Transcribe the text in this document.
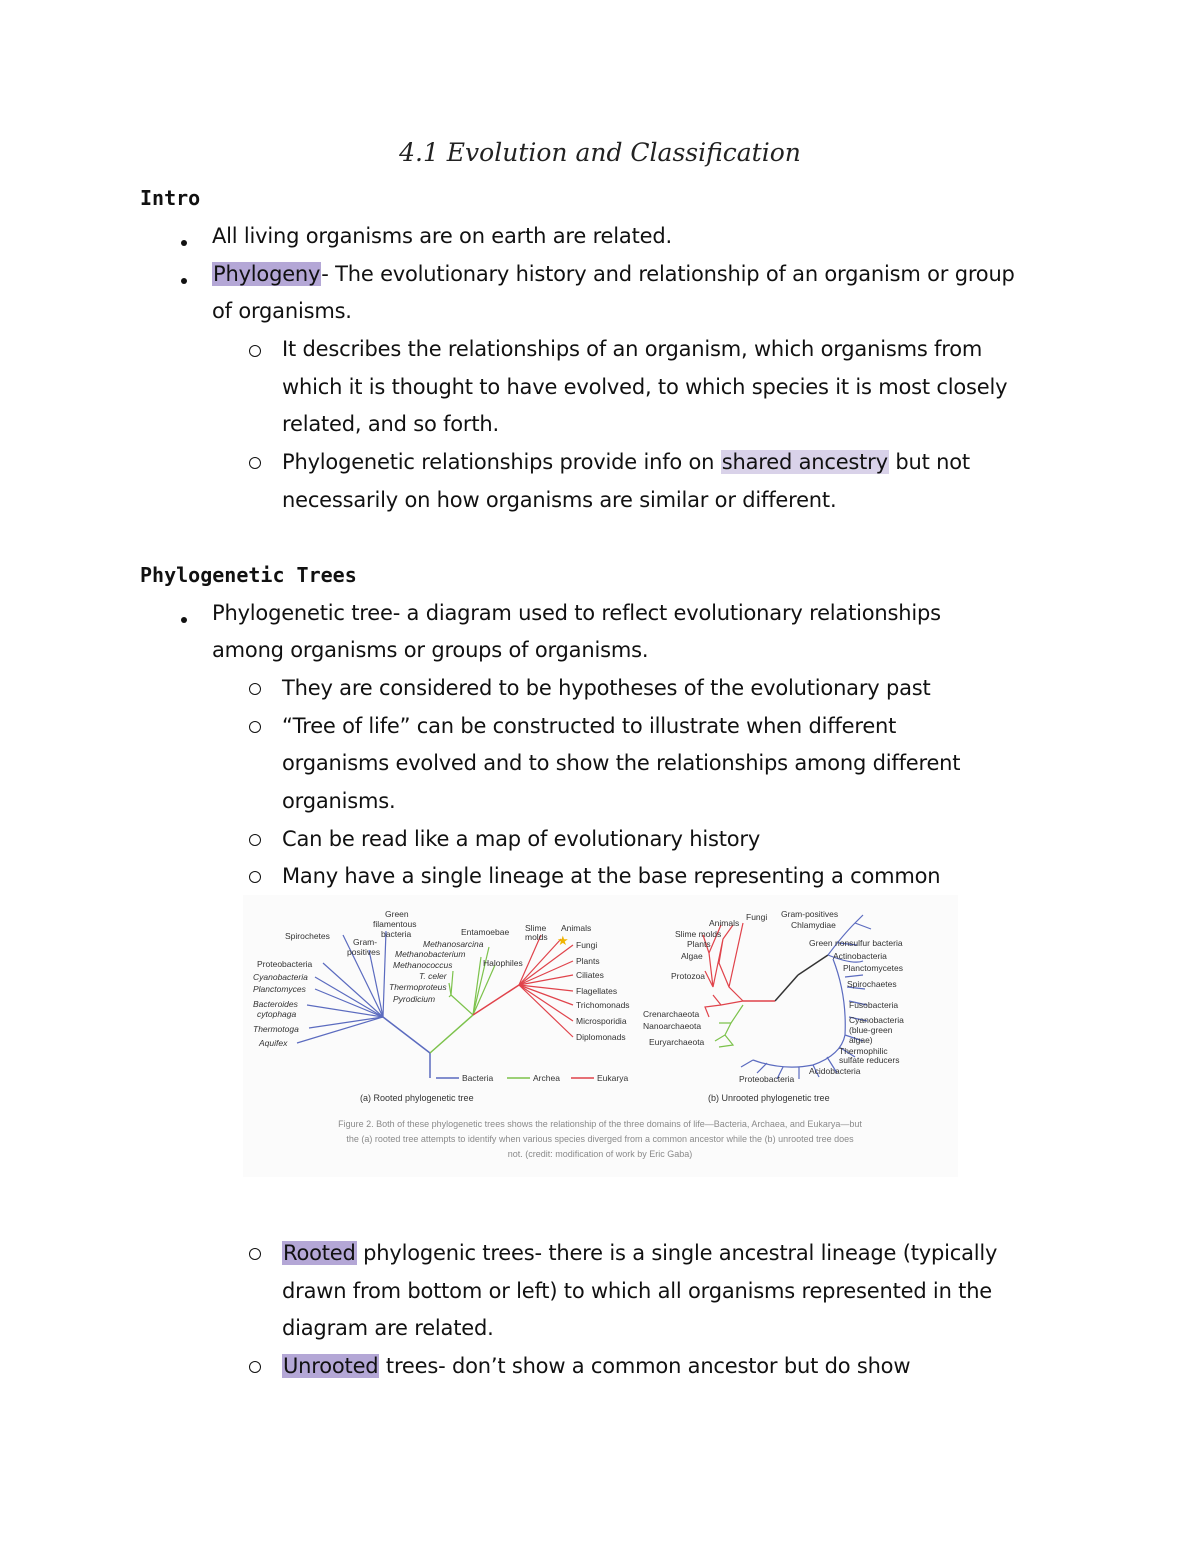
4.1 Evolution and Classification
Intro
All living organisms are on earth are related.
Phylogeny- The evolutionary history and relationship of an organism or group
of organisms.
It describes the relationships of an organism, which organisms from
which it is thought to have evolved, to which species it is most closely
related, and so forth.
Phylogenetic relationships provide info on shared ancestry but not
necessarily on how organisms are similar or different.
Phylogenetic Trees
Phylogenetic tree- a diagram used to reflect evolutionary relationships
among organisms or groups of organisms.
They are considered to be hypotheses of the evolutionary past
“Tree of life” can be constructed to illustrate when different
organisms evolved and to show the relationships among different
organisms.
Can be read like a map of evolutionary history
Many have a single lineage at the base representing a common
★
Spirochetes
Green
filamentous
bacteria
Gram-
positives
Proteobacteria
Cyanobacteria
Planctomyces
Bacteroides
cytophaga
Thermotoga
Aquifex
Entamoebae
Methanosarcina
Methanobacterium
Methanococcus
T. celer
Thermoproteus
Pyrodicium
Halophiles
Slime
molds
Animals
Fungi
Plants
Ciliates
Flagellates
Trichomonads
Microsporidia
Diplomonads
Bacteria	Archea	Eukarya
(a) Rooted phylogenetic tree
Animals
Fungi
Slime molds
Plants
Algae
Protozoa
Crenarchaeota
Nanoarchaeota
Euryarchaeota
Gram-positives
Chlamydiae
Green nonsulfur bacteria
Actinobacteria
Planctomycetes
Spirochaetes
Fusobacteria
Cyanobacteria
(blue-green
algae)
Thermophilic
sulfate reducers
Acidobacteria
Proteobacteria
(b) Unrooted phylogenetic tree
Figure 2. Both of these phylogenetic trees shows the relationship of the three domains of life—Bacteria, Archaea, and Eukarya—but
the (a) rooted tree attempts to identify when various species diverged from a common ancestor while the (b) unrooted tree does
not. (credit: modification of work by Eric Gaba)
Rooted phylogenic trees- there is a single ancestral lineage (typically
drawn from bottom or left) to which all organisms represented in the
diagram are related.
Unrooted trees- don’t show a common ancestor but do show
